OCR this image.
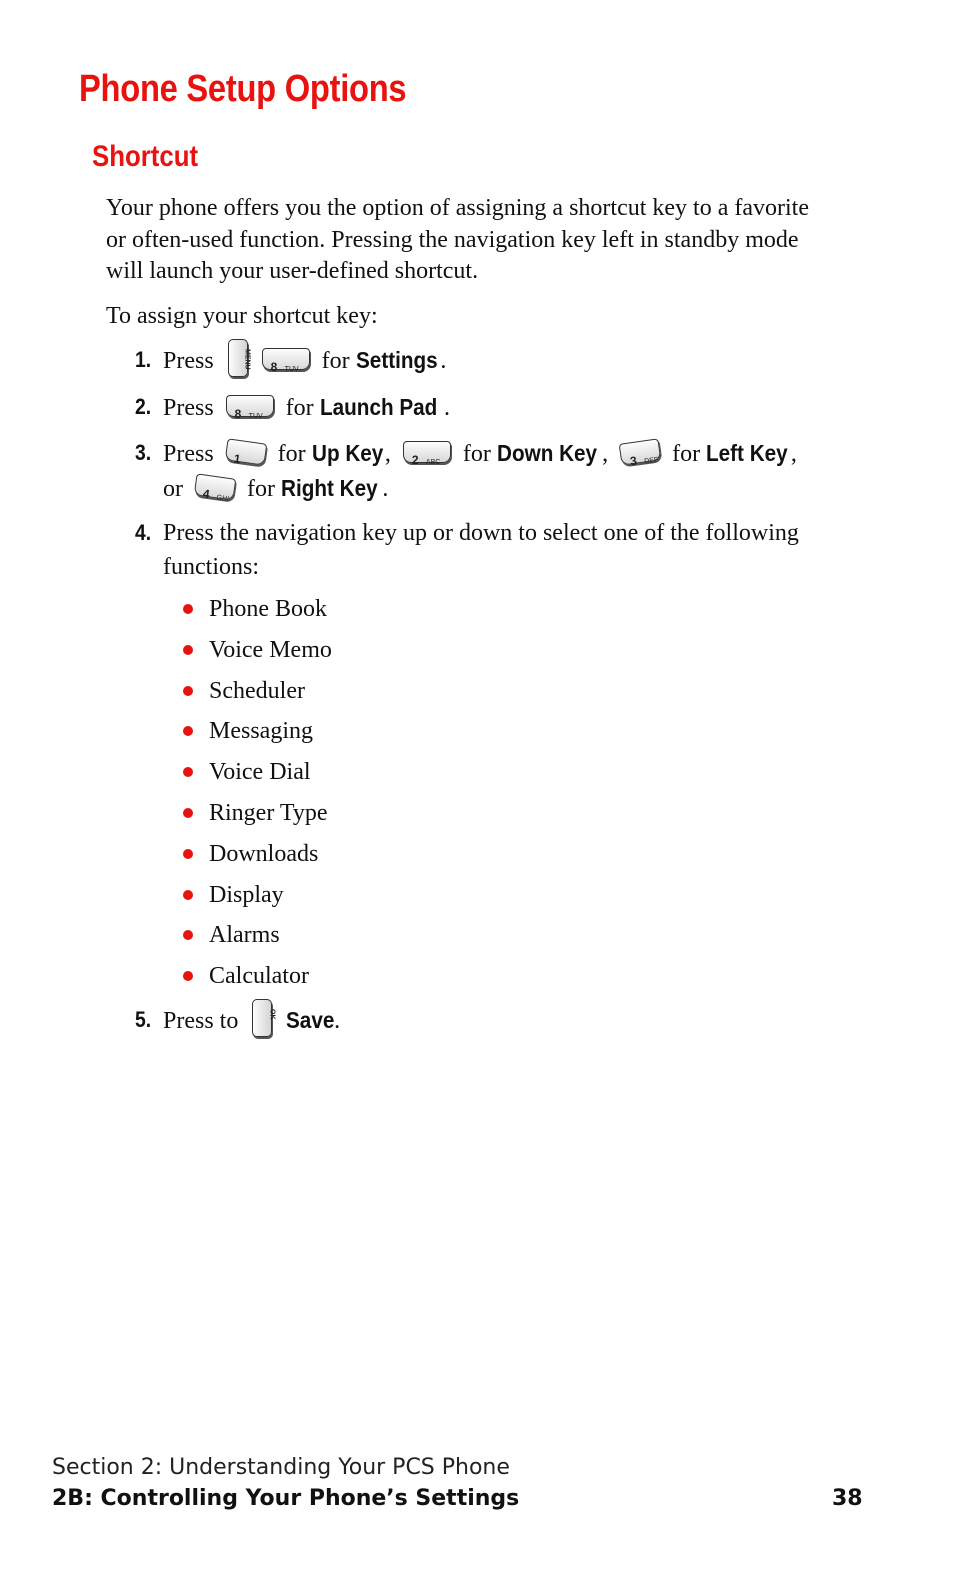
Phone Setup Options
Shortcut

Your phone offers you the option of assigning a shortcut key to a favorite or often-used function. Pressing the navigation key left in standby mode will launch your user-defined shortcut.

To assign your shortcut key:

1. Press	MENU	8 TUV for Settings .
2. Press 8 TUV for Launch Pad .
3. Press 1 for Up Key, 2 ABC for Down Key , 3 DEF for Left Key ,
or 4 GHI for Right Key .
4. Press the navigation key up or down to select one of the following functions:
Phone Book
Voice Memo
Scheduler
Messaging
Voice Dial
Ringer Type
Downloads
Display
Alarms
Calculator
5. Press to	OK Save.

Section 2: Understanding Your PCS Phone

2B: Controlling Your Phone’s Settings	38
